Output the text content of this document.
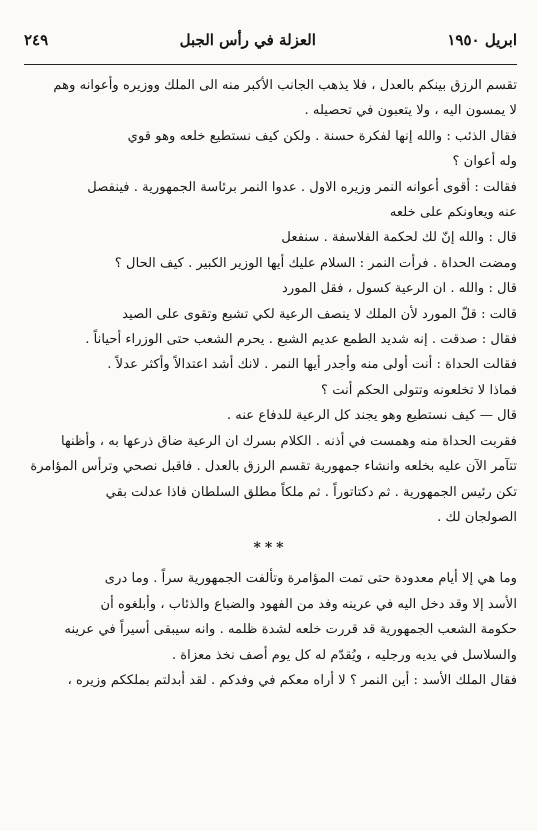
ابريل ١٩٥٠
العزلة في رأس الجبل
٢٤٩
تقسم الرزق بينكم بالعدل ، فلا يذهب الجانب الأكبر منه الى الملك ووزيره وأعوانه وهم
لا يمسون اليه ، ولا يتعبون في تحصيله .
فقال الذئب : والله إنها لفكرة حسنة . ولكن كيف نستطيع خلعه وهو قوي
وله أعوان ؟
فقالت : أقوى أعوانه النمر وزيره الاول . عدوا النمر برئاسة الجمهورية . فينفصل
عنه ويعاونكم على خلعه
قال : والله إنّ لك لحكمة الفلاسفة . سنفعل
ومضت الحداة . فرأت النمر : السلام عليك أيها الوزير الكبير . كيف الحال ؟
قال : والله . ان الرعية كسول ، فقل المورد
قالت : قلّ المورد لأن الملك لا ينصف الرعية لكي تشبع وتقوى على الصيد
فقال : صدقت . إنه شديد الطمع عديم الشبع . يحرم الشعب حتى الوزراء أحياناً .
فقالت الحداة : أنت أولى منه وأجدر أيها النمر . لانك أشد اعتدالاً وأكثر عدلاً .
فماذا لا تخلعونه وتتولى الحكم أنت ؟
قال — كيف نستطيع وهو يجند كل الرعية للدفاع عنه .
فقربت الحداة منه وهمست في أذنه . الكلام بسرك ان الرعية ضاق ذرعها به ، وأظنها
تتآمر الآن عليه بخلعه وانشاء جمهورية تقسم الرزق بالعدل . فاقبل نصحي وترأس المؤامرة
تكن رئيس الجمهورية . ثم دكتاتوراً . ثم ملكاً مطلق السلطان فاذا عدلت بقي
الصولجان لك .
***
وما هي إلا أيام معدودة حتى تمت المؤامرة وتألفت الجمهورية سراً . وما درى
الأسد إلا وقد دخل اليه في عرينه وفد من الفهود والضباع والذئاب ، وأبلغوه أن
حكومة الشعب الجمهورية قد قررت خلعه لشدة ظلمه . وانه سيبقى أسيراً في عرينه
والسلاسل في يديه ورجليه ، ويُقدّم له كل يوم أصف نخذ معزاة .
فقال الملك الأسد : أين النمر ؟ لا أراه معكم في وفدكم . لقد أبدلتم بملككم وزيره ،
